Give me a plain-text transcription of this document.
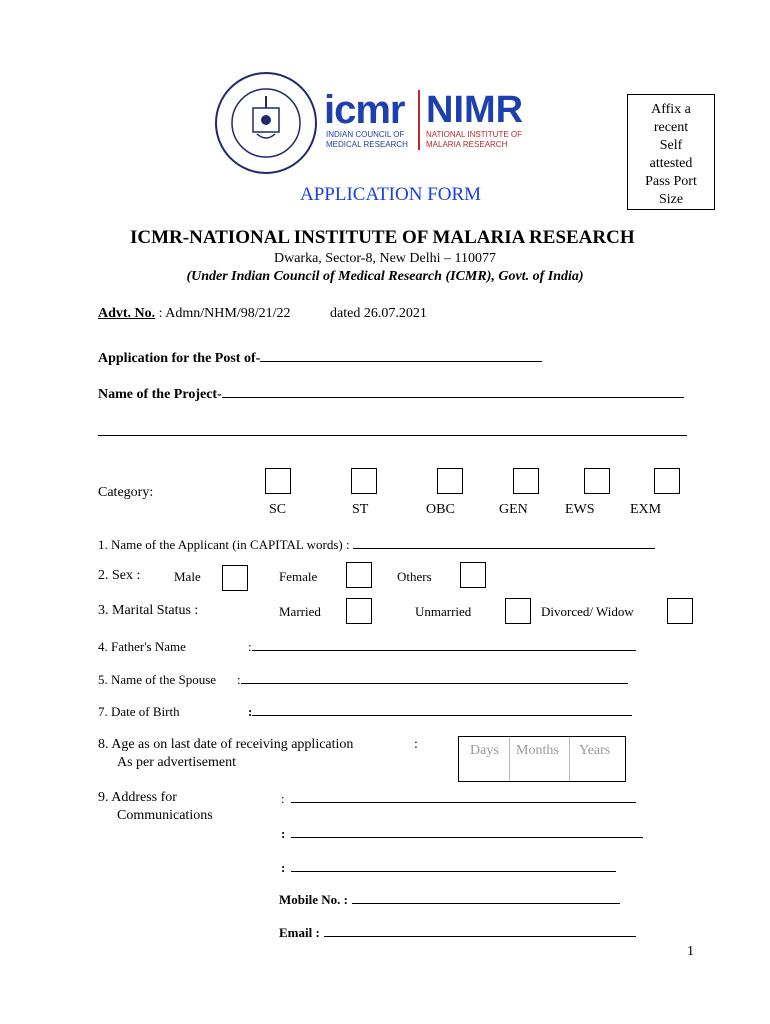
icmr
INDIAN COUNCIL OF
MEDICAL RESEARCH
NIMR
NATIONAL INSTITUTE OF
MALARIA RESEARCH
Affix a
recent
Self
attested
Pass Port
Size
APPLICATION FORM
ICMR-NATIONAL INSTITUTE OF MALARIA RESEARCH
Dwarka, Sector-8, New Delhi – 110077
(Under Indian Council of Medical Research (ICMR), Govt. of India)
Advt. No. : Admn/NHM/98/21/22	dated 26.07.2021
Application for the Post of-
Name of the Project-
Category:
SC	ST	OBC	GEN	EWS	EXM
1. Name of the Applicant (in CAPITAL words) :
2. Sex :	Male	Female	Others
3. Marital Status :	Married	Unmarried	Divorced/ Widow
4. Father's Name	:
5. Name of the Spouse :
7. Date of Birth	:
8. Age as on last date of receiving application
As per advertisement
:	Days Months Years
9. Address for
Communications
:
:
:
Mobile No. :
Email :
1
